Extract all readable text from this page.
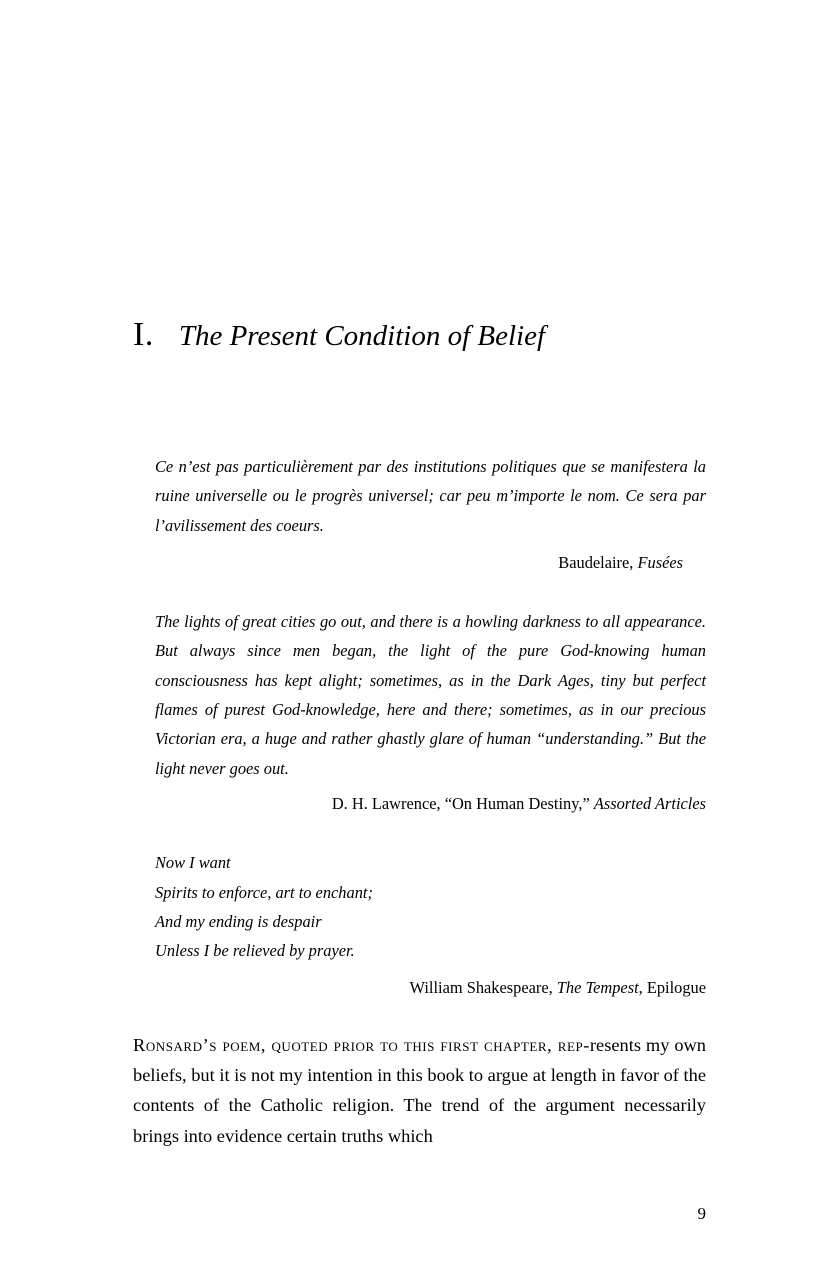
I. The Present Condition of Belief

Ce n’est pas particulièrement par des institutions politiques que se manifestera la ruine universelle ou le progrès universel; car peu m’importe le nom. Ce sera par l’avilissement des coeurs.

Baudelaire, Fusées

The lights of great cities go out, and there is a howling darkness to all appearance. But always since men began, the light of the pure God-knowing human consciousness has kept alight; sometimes, as in the Dark Ages, tiny but perfect flames of purest God-knowledge, here and there; sometimes, as in our precious Victorian era, a huge and rather ghastly glare of human “understanding.” But the light never goes out.

D. H. Lawrence, “On Human Destiny,” Assorted Articles

Now I want
Spirits to enforce, art to enchant;
And my ending is despair
Unless I be relieved by prayer.

William Shakespeare, The Tempest, Epilogue

Ronsard’s poem, quoted prior to this first chapter, rep-resents my own beliefs, but it is not my intention in this book to argue at length in favor of the contents of the Catholic religion. The trend of the argument necessarily brings into evidence certain truths which

9
